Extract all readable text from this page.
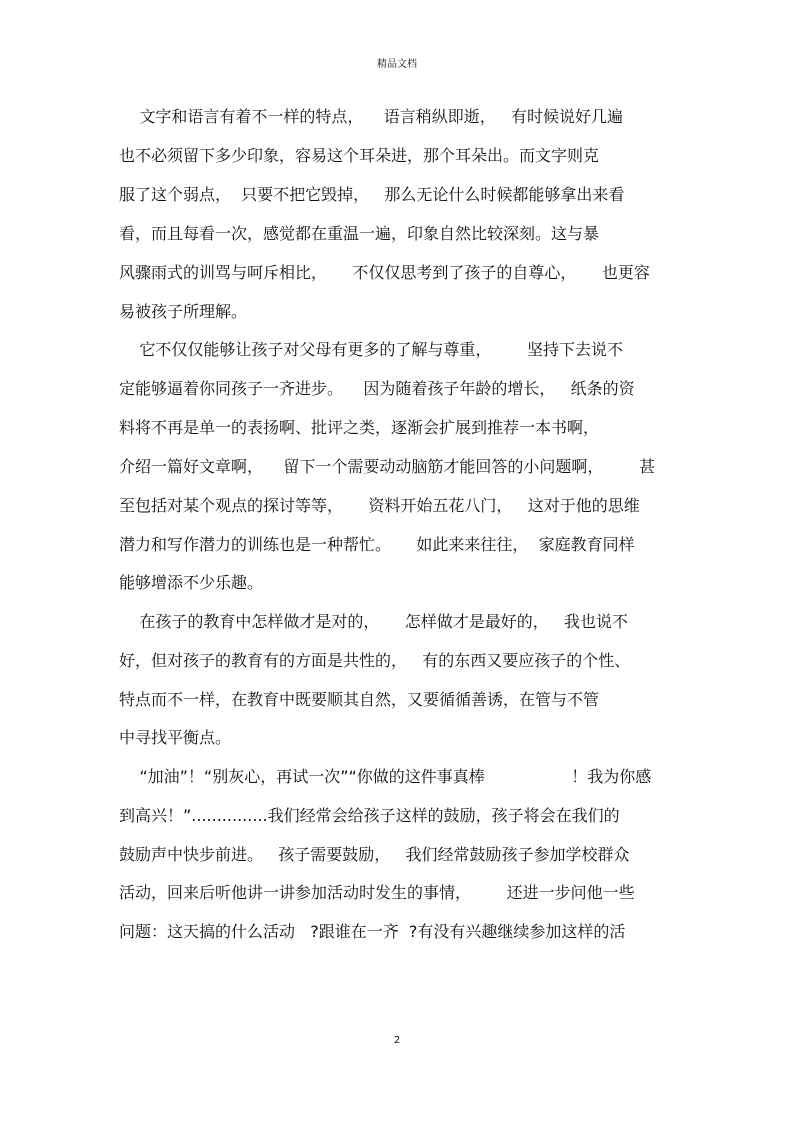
精品文档
文字和语言有着不一样的特点，    语言稍纵即逝，   有时候说好几遍
也不必须留下多少印象，容易这个耳朵进，那个耳朵出。而文字则克
服了这个弱点，  只要不把它毁掉，   那么无论什么时候都能够拿出来看
看，而且每看一次，感觉都在重温一遍，印象自然比较深刻。这与暴
风骤雨式的训骂与呵斥相比，     不仅仅思考到了孩子的自尊心，     也更容
易被孩子所理解。
它不仅仅能够让孩子对父母有更多的了解与尊重，       坚持下去说不
定能够逼着你同孩子一齐进步。    因为随着孩子年龄的增长，   纸条的资
料将不再是单一的表扬啊、批评之类，逐渐会扩展到推荐一本书啊，
介绍一篇好文章啊，    留下一个需要动动脑筋才能回答的小问题啊，       甚
至包括对某个观点的探讨等等，     资料开始五花八门，   这对于他的思维
潜力和写作潜力的训练也是一种帮忙。     如此来来往往，  家庭教育同样
能够增添不少乐趣。
在孩子的教育中怎样做才是对的，     怎样做才是最好的，   我也说不
好，但对孩子的教育有的方面是共性的，   有的东西又要应孩子的个性、
特点而不一样，在教育中既要顺其自然，又要循循善诱，在管与不管
中寻找平衡点。
“加油”！“别灰心，再试一次”“你做的这件事真棒                 ！我为你感
到高兴！”...............我们经常会给孩子这样的鼓励，孩子将会在我们的
鼓励声中快步前进。   孩子需要鼓励，   我们经常鼓励孩子参加学校群众
活动，回来后听他讲一讲参加活动时发生的事情，       还进一步问他一些
问题：这天搞的什么活动   ?跟谁在一齐  ?有没有兴趣继续参加这样的活
2
